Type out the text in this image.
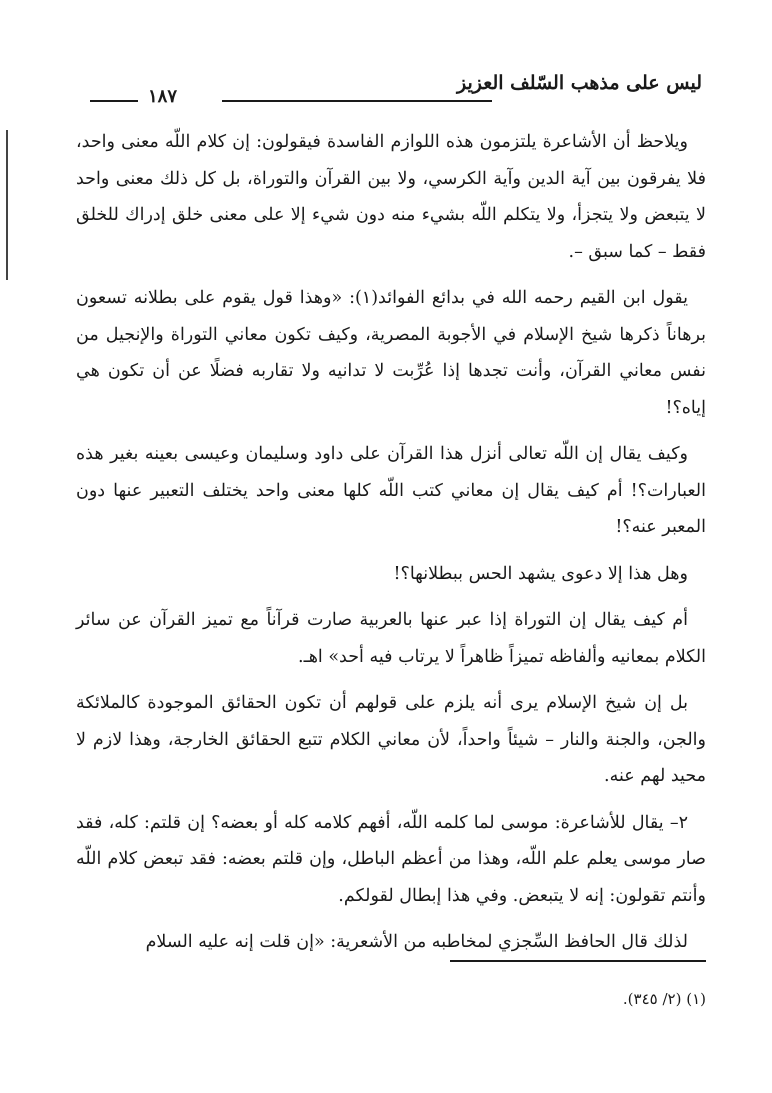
ليس على مذهب السّلف العزيز
١٨٧

ويلاحظ أن الأشاعرة يلتزمون هذه اللوازم الفاسدة فيقولون: إن كلام اللّه معنى واحد، فلا يفرقون بين آية الدين وآية الكرسي، ولا بين القرآن والتوراة، بل كل ذلك معنى واحد لا يتبعض ولا يتجزأ، ولا يتكلم اللّه بشيء منه دون شيء إلا على معنى خلق إدراك للخلق فقط – كما سبق –.

يقول ابن القيم رحمه الله في بدائع الفوائد(١): «وهذا قول يقوم على بطلانه تسعون برهاناً ذكرها شيخ الإسلام في الأجوبة المصرية، وكيف تكون معاني التوراة والإنجيل من نفس معاني القرآن، وأنت تجدها إذا عُرِّبت لا تدانيه ولا تقاربه فضلًا عن أن تكون هي إياه؟!

وكيف يقال إن اللّه تعالى أنزل هذا القرآن على داود وسليمان وعيسى بعينه بغير هذه العبارات؟! أم كيف يقال إن معاني كتب اللّه كلها معنى واحد يختلف التعبير عنها دون المعبر عنه؟!

وهل هذا إلا دعوى يشهد الحس ببطلانها؟!

أم كيف يقال إن التوراة إذا عبر عنها بالعربية صارت قرآناً مع تميز القرآن عن سائر الكلام بمعانيه وألفاظه تميزاً ظاهراً لا يرتاب فيه أحد» اهـ.

بل إن شيخ الإسلام يرى أنه يلزم على قولهم أن تكون الحقائق الموجودة كالملائكة والجن، والجنة والنار – شيئاً واحداً، لأن معاني الكلام تتبع الحقائق الخارجة، وهذا لازم لا محيد لهم عنه.

٢– يقال للأشاعرة: موسى لما كلمه اللّه، أفهم كلامه كله أو بعضه؟ إن قلتم: كله، فقد صار موسى يعلم علم اللّه، وهذا من أعظم الباطل، وإن قلتم بعضه: فقد تبعض كلام اللّه وأنتم تقولون: إنه لا يتبعض. وفي هذا إبطال لقولكم.

لذلك قال الحافظ السِّجزي لمخاطبه من الأشعرية: «إن قلت إنه عليه السلام

(١) (٢/ ٣٤٥).
